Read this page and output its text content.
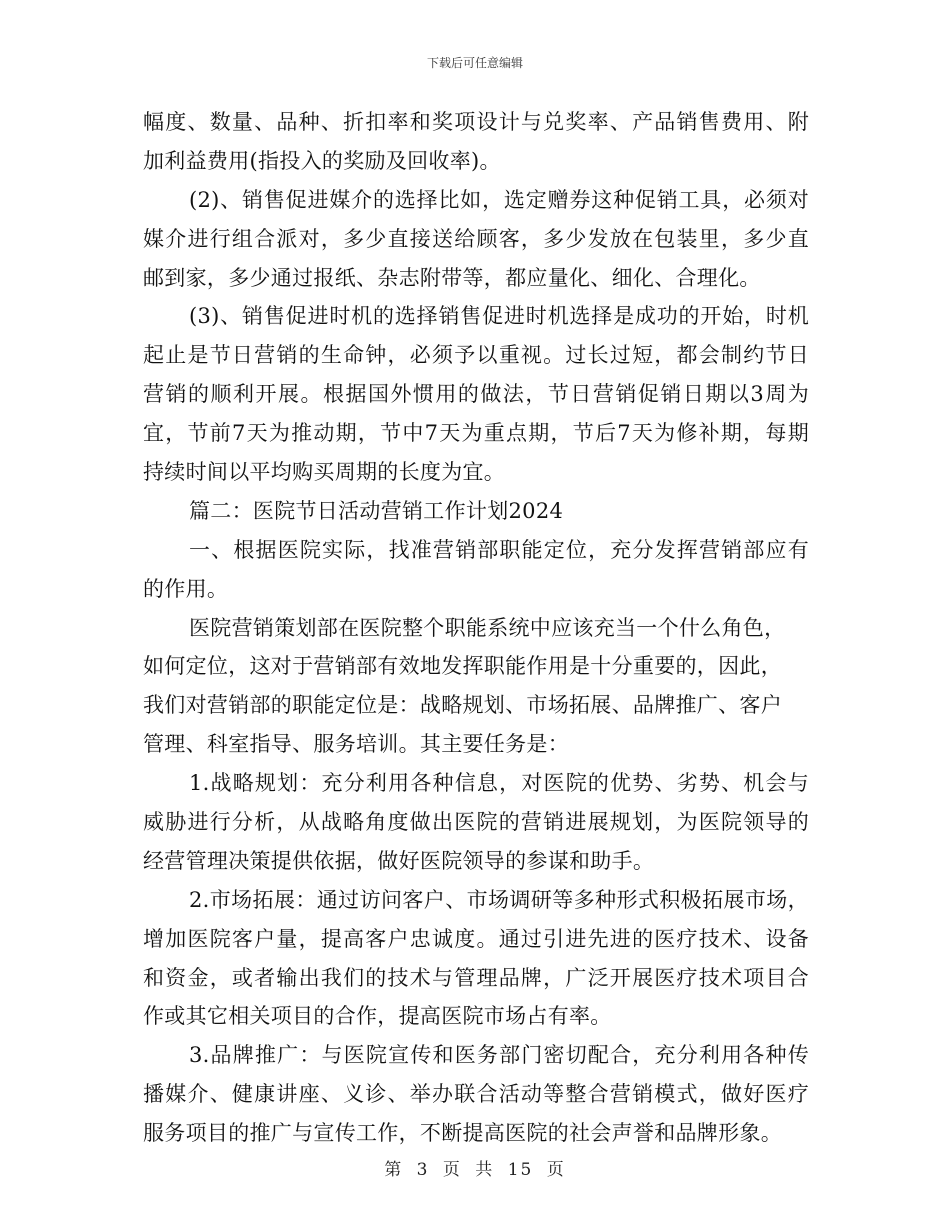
下载后可任意编辑
幅度、数量、品种、折扣率和奖项设计与兑奖率、产品销售费用、附
加利益费用(指投入的奖励及回收率)。
(2)、销售促进媒介的选择比如，选定赠券这种促销工具，必须对
媒介进行组合派对，多少直接送给顾客，多少发放在包装里，多少直
邮到家，多少通过报纸、杂志附带等，都应量化、细化、合理化。
(3)、销售促进时机的选择销售促进时机选择是成功的开始，时机
起止是节日营销的生命钟，必须予以重视。过长过短，都会制约节日
营销的顺利开展。根据国外惯用的做法，节日营销促销日期以3周为
宜，节前7天为推动期，节中7天为重点期，节后7天为修补期，每期
持续时间以平均购买周期的长度为宜。
篇二：医院节日活动营销工作计划2024
一、根据医院实际，找准营销部职能定位，充分发挥营销部应有
的作用。
医院营销策划部在医院整个职能系统中应该充当一个什么角色，
如何定位，这对于营销部有效地发挥职能作用是十分重要的，因此，
我们对营销部的职能定位是：战略规划、市场拓展、品牌推广、客户
管理、科室指导、服务培训。其主要任务是：
1.战略规划：充分利用各种信息，对医院的优势、劣势、机会与
威胁进行分析，从战略角度做出医院的营销进展规划，为医院领导的
经营管理决策提供依据，做好医院领导的参谋和助手。
2.市场拓展：通过访问客户、市场调研等多种形式积极拓展市场，
增加医院客户量，提高客户忠诚度。通过引进先进的医疗技术、设备
和资金，或者输出我们的技术与管理品牌，广泛开展医疗技术项目合
作或其它相关项目的合作，提高医院市场占有率。
3.品牌推广：与医院宣传和医务部门密切配合，充分利用各种传
播媒介、健康讲座、义诊、举办联合活动等整合营销模式，做好医疗
服务项目的推广与宣传工作，不断提高医院的社会声誉和品牌形象。
第 3 页 共 15 页
